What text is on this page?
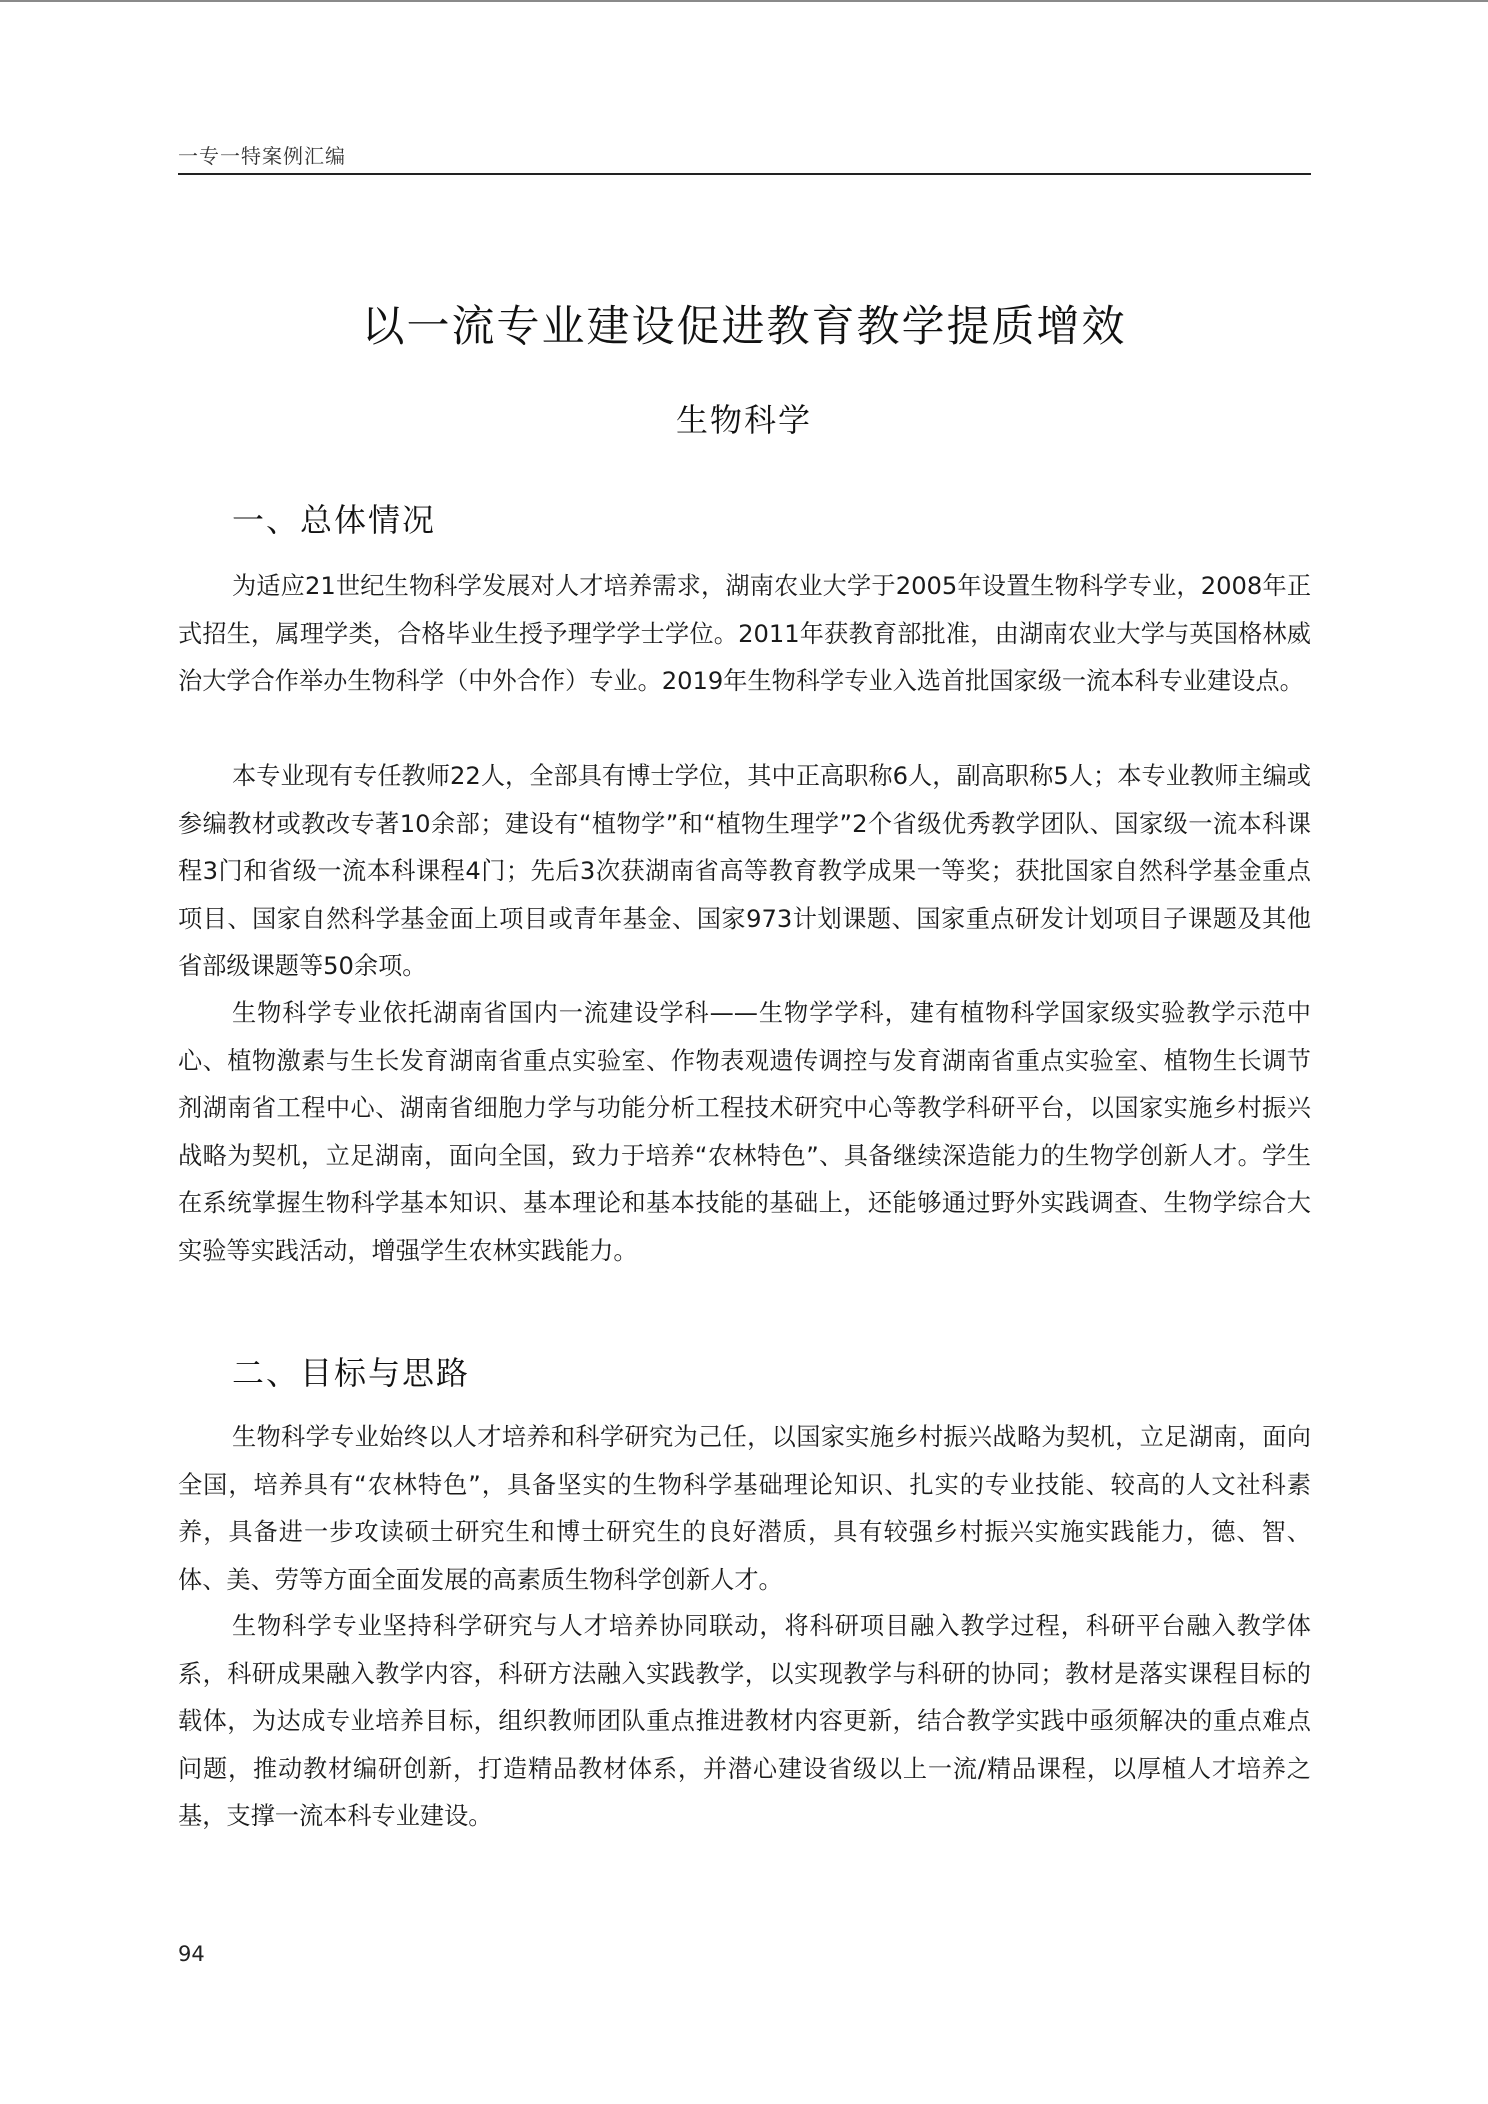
一专一特案例汇编
以一流专业建设促进教育教学提质增效
生物科学
一、总体情况

为适应21世纪生物科学发展对人才培养需求，湖南农业大学于2005年设置生物科学专业，2008年正式招生，属理学类，合格毕业生授予理学学士学位。2011年获教育部批准，由湖南农业大学与英国格林威治大学合作举办生物科学（中外合作）专业。2019年生物科学专业入选首批国家级一流本科专业建设点。

本专业现有专任教师22人，全部具有博士学位，其中正高职称6人，副高职称5人；本专业教师主编或参编教材或教改专著10余部；建设有“植物学”和“植物生理学”2个省级优秀教学团队、国家级一流本科课程3门和省级一流本科课程4门；先后3次获湖南省高等教育教学成果一等奖；获批国家自然科学基金重点项目、国家自然科学基金面上项目或青年基金、国家973计划课题、国家重点研发计划项目子课题及其他省部级课题等50余项。

生物科学专业依托湖南省国内一流建设学科——生物学学科，建有植物科学国家级实验教学示范中心、植物激素与生长发育湖南省重点实验室、作物表观遗传调控与发育湖南省重点实验室、植物生长调节剂湖南省工程中心、湖南省细胞力学与功能分析工程技术研究中心等教学科研平台，以国家实施乡村振兴战略为契机，立足湖南，面向全国，致力于培养“农林特色”、具备继续深造能力的生物学创新人才。学生在系统掌握生物科学基本知识、基本理论和基本技能的基础上，还能够通过野外实践调查、生物学综合大实验等实践活动，增强学生农林实践能力。

二、目标与思路

生物科学专业始终以人才培养和科学研究为己任，以国家实施乡村振兴战略为契机，立足湖南，面向全国，培养具有“农林特色”，具备坚实的生物科学基础理论知识、扎实的专业技能、较高的人文社科素养，具备进一步攻读硕士研究生和博士研究生的良好潜质，具有较强乡村振兴实施实践能力，德、智、体、美、劳等方面全面发展的高素质生物科学创新人才。

生物科学专业坚持科学研究与人才培养协同联动，将科研项目融入教学过程，科研平台融入教学体系，科研成果融入教学内容，科研方法融入实践教学，以实现教学与科研的协同；教材是落实课程目标的载体，为达成专业培养目标，组织教师团队重点推进教材内容更新，结合教学实践中亟须解决的重点难点问题，推动教材编研创新，打造精品教材体系，并潜心建设省级以上一流/精品课程，以厚植人才培养之基，支撑一流本科专业建设。

94
